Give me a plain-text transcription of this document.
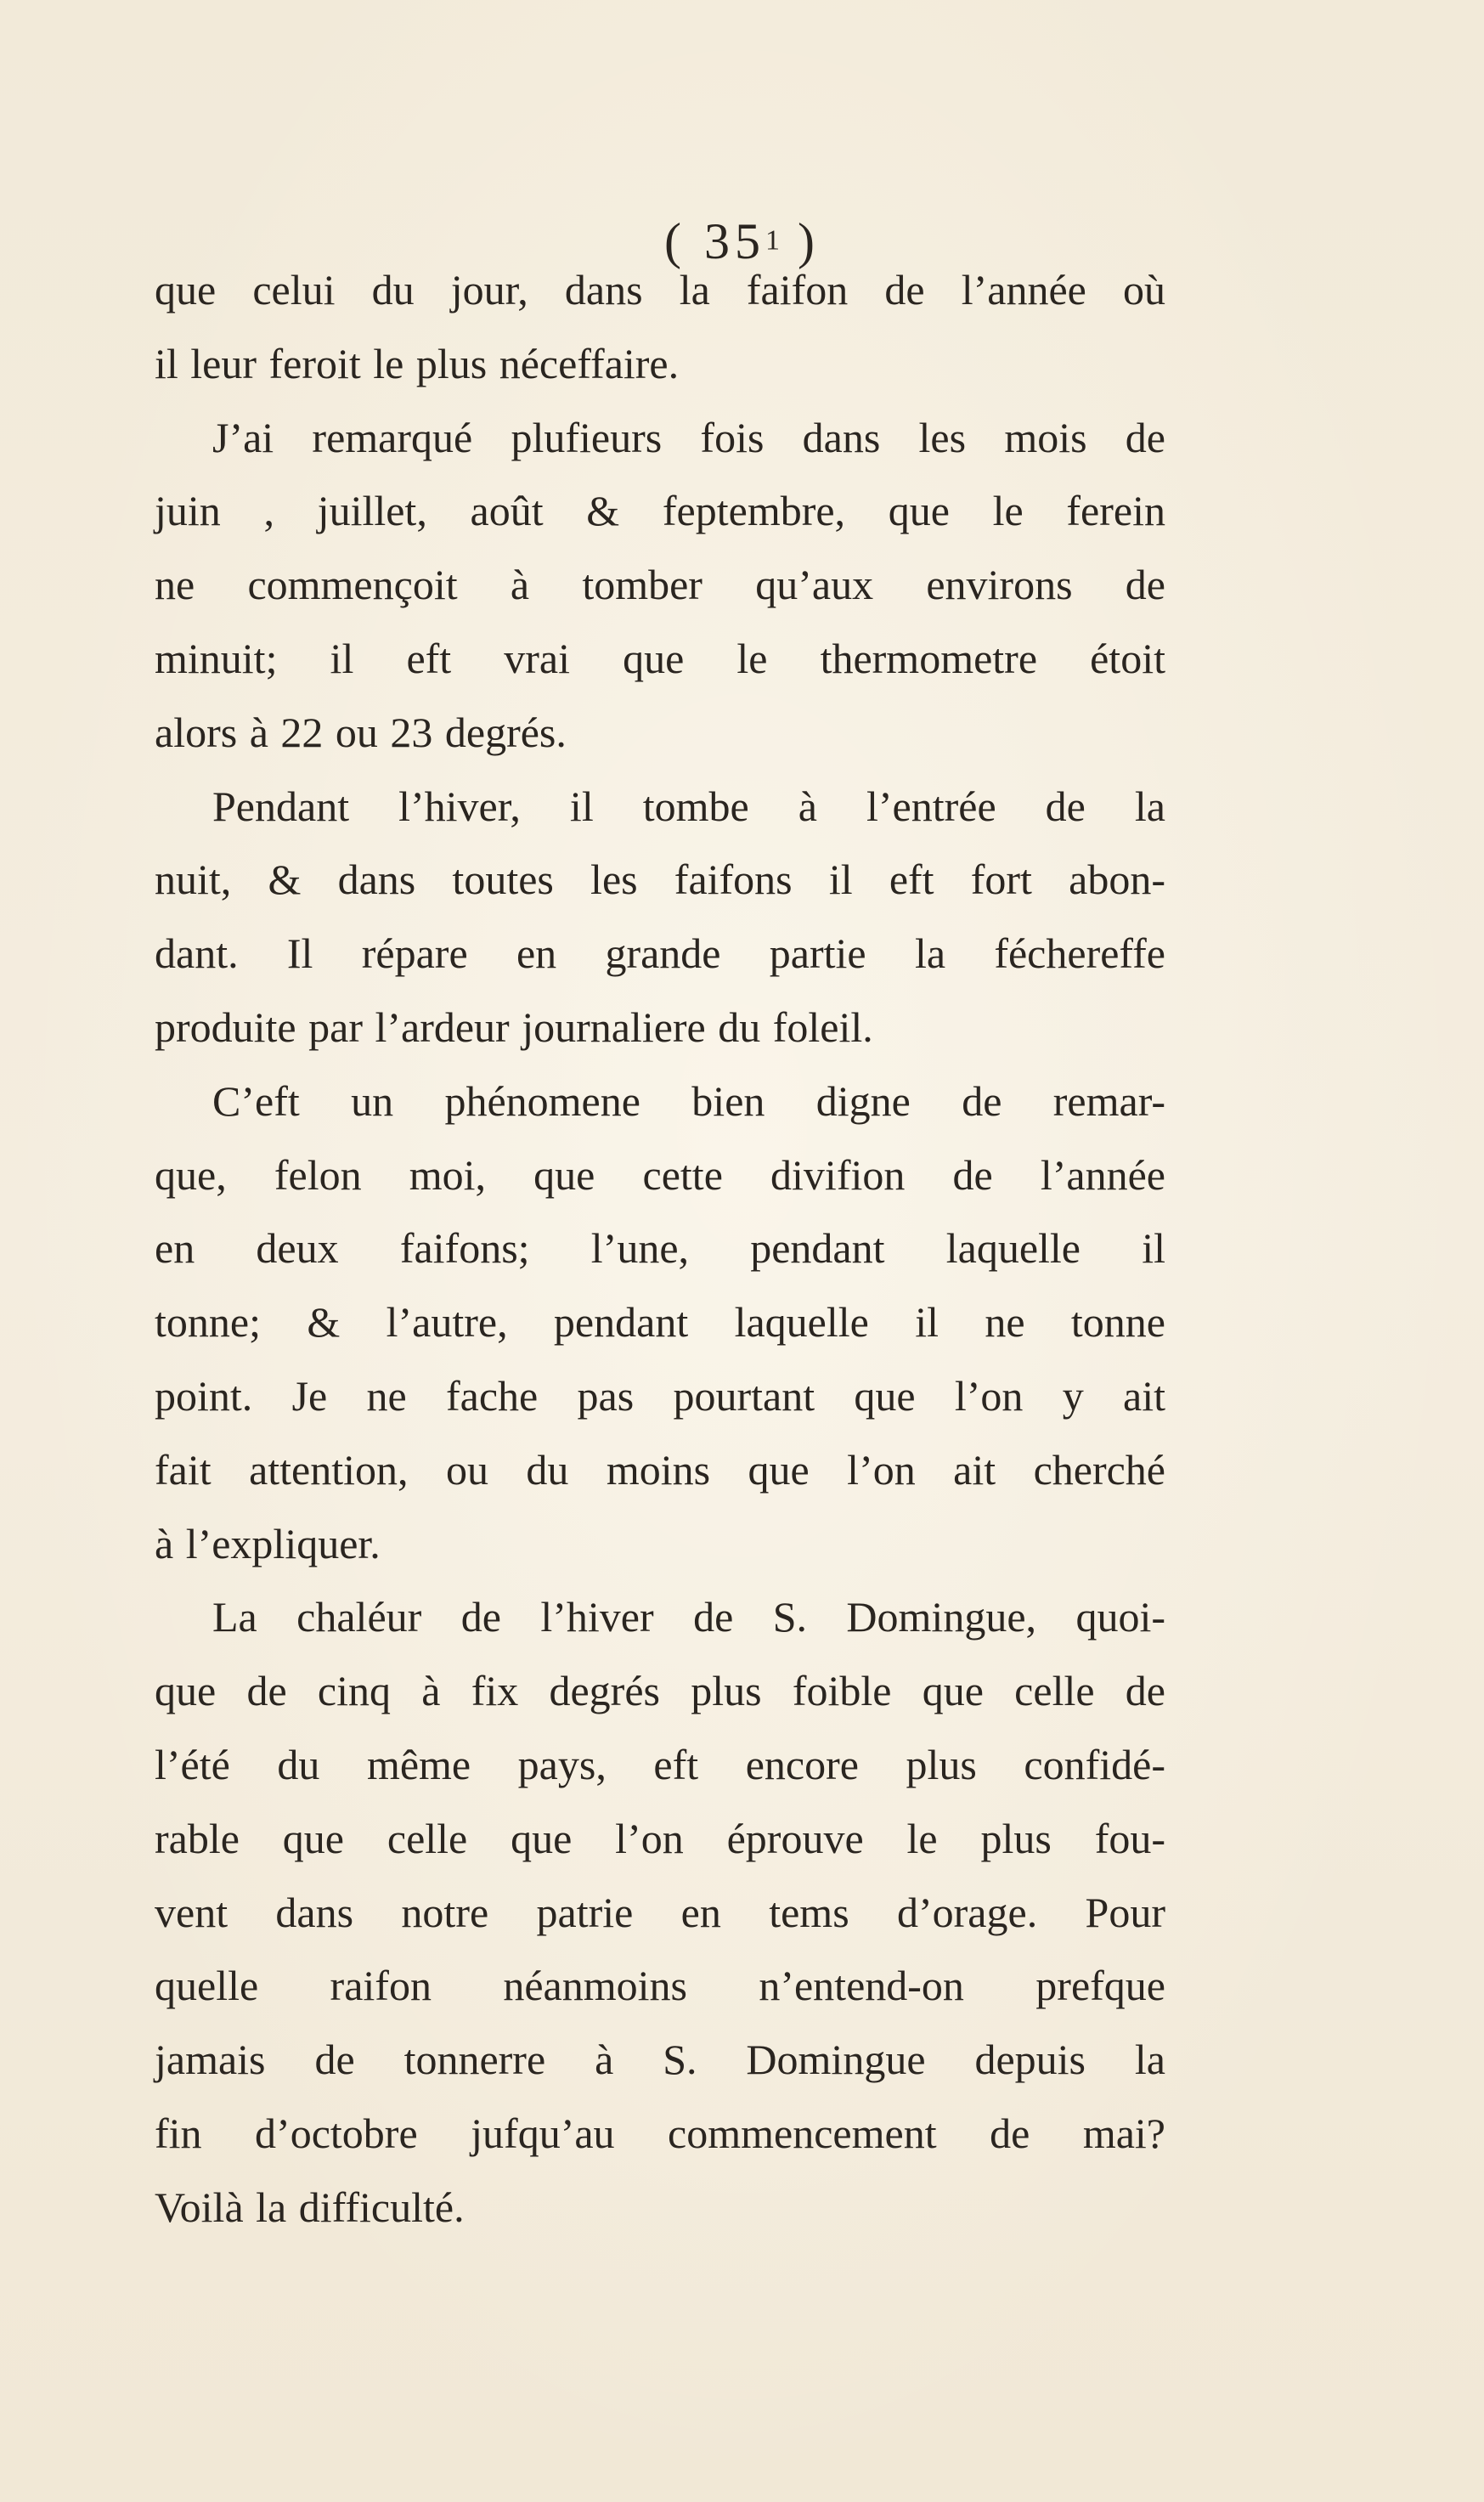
( 351 )
que celui du jour, dans la faifon de l’année où
il leur feroit le plus néceffaire.
J’ai remarqué plufieurs fois dans les mois de
juin , juillet, août & feptembre, que le ferein
ne commençoit à tomber qu’aux environs de
minuit; il eft vrai que le thermometre étoit
alors à 22 ou 23 degrés.
Pendant l’hiver, il tombe à l’entrée de la
nuit, & dans toutes les faifons il eft fort abon-
dant. Il répare en grande partie la féchereffe
produite par l’ardeur journaliere du foleil.
C’eft un phénomene bien digne de remar-
que, felon moi, que cette divifion de l’année
en deux faifons; l’une, pendant laquelle il
tonne; & l’autre, pendant laquelle il ne tonne
point. Je ne fache pas pourtant que l’on y ait
fait attention, ou du moins que l’on ait cherché
à l’expliquer.
La chaléur de l’hiver de S. Domingue, quoi-
que de cinq à fix degrés plus foible que celle de
l’été du même pays, eft encore plus confidé-
rable que celle que l’on éprouve le plus fou-
vent dans notre patrie en tems d’orage. Pour
quelle raifon néanmoins n’entend-on prefque
jamais de tonnerre à S. Domingue depuis la
fin d’octobre jufqu’au commencement de mai?
Voilà la difficulté.
